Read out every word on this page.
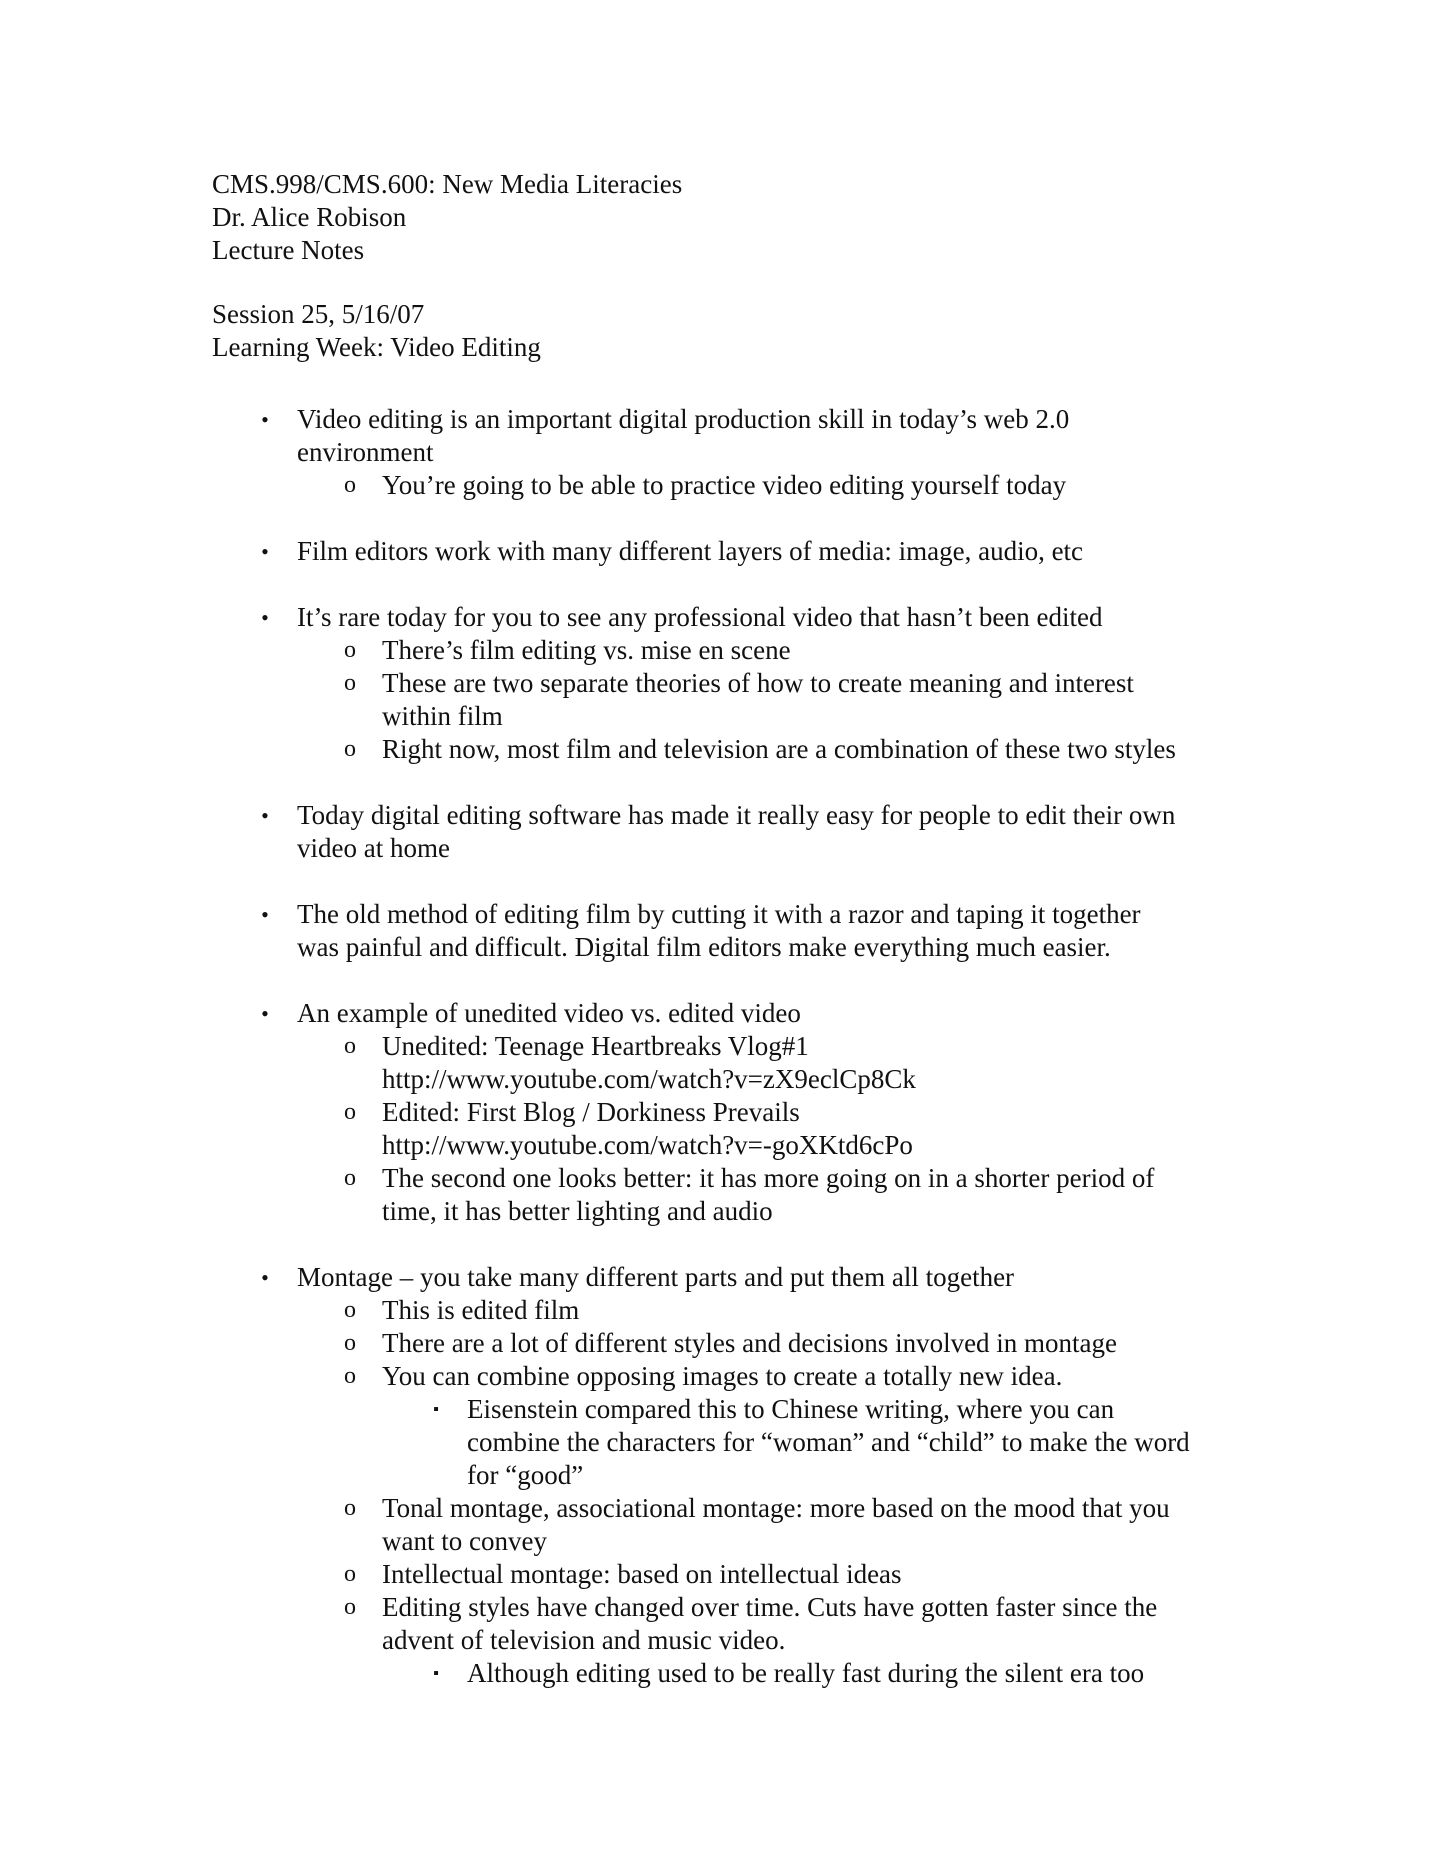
CMS.998/CMS.600: New Media Literacies
Dr. Alice Robison
Lecture Notes
Session 25, 5/16/07
Learning Week: Video Editing
• Video editing is an important digital production skill in today’s web 2.0
environment
o You’re going to be able to practice video editing yourself today
• Film editors work with many different layers of media: image, audio, etc
• It’s rare today for you to see any professional video that hasn’t been edited
o There’s film editing vs. mise en scene
o These are two separate theories of how to create meaning and interest
within film
o Right now, most film and television are a combination of these two styles
• Today digital editing software has made it really easy for people to edit their own
video at home
• The old method of editing film by cutting it with a razor and taping it together
was painful and difficult. Digital film editors make everything much easier.
• An example of unedited video vs. edited video
o Unedited: Teenage Heartbreaks Vlog#1
http://www.youtube.com/watch?v=zX9eclCp8Ck
o Edited: First Blog / Dorkiness Prevails
http://www.youtube.com/watch?v=-goXKtd6cPo
o The second one looks better: it has more going on in a shorter period of
time, it has better lighting and audio
• Montage – you take many different parts and put them all together
o This is edited film
o There are a lot of different styles and decisions involved in montage
o You can combine opposing images to create a totally new idea.
▪ Eisenstein compared this to Chinese writing, where you can
combine the characters for “woman” and “child” to make the word
for “good”
o Tonal montage, associational montage: more based on the mood that you
want to convey
o Intellectual montage: based on intellectual ideas
o Editing styles have changed over time. Cuts have gotten faster since the
advent of television and music video.
▪ Although editing used to be really fast during the silent era too
